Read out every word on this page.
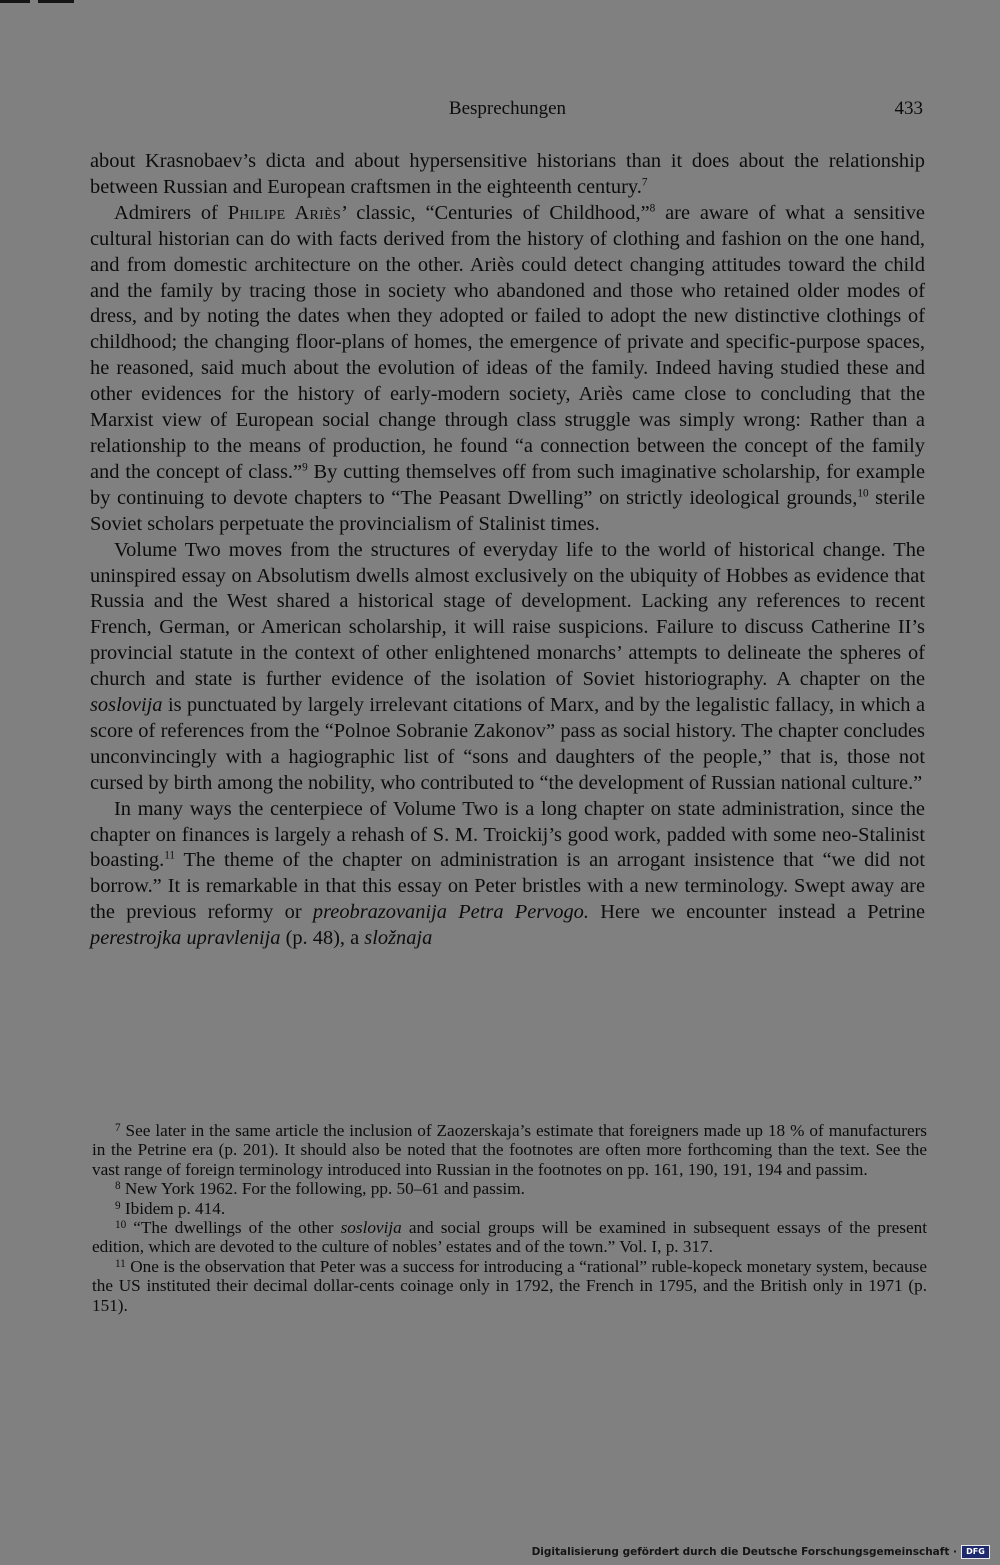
Besprechungen	433

about Krasnobaev’s dicta and about hypersensitive historians than it does about the relationship between Russian and European craftsmen in the eighteenth century.$^7$

Admirers of Philipe Ariès’ classic, “Centuries of Childhood,”$^8$ are aware of what a sensitive cultural historian can do with facts derived from the history of clothing and fashion on the one hand, and from domestic architecture on the other. Ariès could detect changing attitudes toward the child and the family by tracing those in society who abandoned and those who retained older modes of dress, and by noting the dates when they adopted or failed to adopt the new distinctive clothings of childhood; the changing floor-plans of homes, the emergence of private and specific-purpose spaces, he reasoned, said much about the evolution of ideas of the family. Indeed having studied these and other evidences for the history of early-modern society, Ariès came close to concluding that the Marxist view of European social change through class struggle was simply wrong: Rather than a relationship to the means of production, he found “a connection between the concept of the family and the concept of class.”$^9$ By cutting themselves off from such imaginative scholarship, for example by continuing to devote chapters to “The Peasant Dwelling” on strictly ideological grounds,$^{10}$ sterile Soviet scholars perpetuate the provincialism of Stalinist times.

Volume Two moves from the structures of everyday life to the world of historical change. The uninspired essay on Absolutism dwells almost exclusively on the ubiquity of Hobbes as evidence that Russia and the West shared a historical stage of development. Lacking any references to recent French, German, or American scholarship, it will raise suspicions. Failure to discuss Catherine II’s provincial statute in the context of other enlightened monarchs’ attempts to delineate the spheres of church and state is further evidence of the isolation of Soviet historiography. A chapter on the soslovija is punctuated by largely irrelevant citations of Marx, and by the legalistic fallacy, in which a score of references from the “Polnoe Sobranie Zakonov” pass as social history. The chapter concludes unconvincingly with a hagiographic list of “sons and daughters of the people,” that is, those not cursed by birth among the nobility, who contributed to “the development of Russian national culture.”

In many ways the centerpiece of Volume Two is a long chapter on state administration, since the chapter on finances is largely a rehash of S. M. Troickij’s good work, padded with some neo-Stalinist boasting.$^{11}$ The theme of the chapter on administration is an arrogant insistence that “we did not borrow.” It is remarkable in that this essay on Peter bristles with a new terminology. Swept away are the previous reformy or preobrazovanija Petra Pervogo. Here we encounter instead a Petrine perestrojka upravlenija (p. 48), a složnaja

$^7$ See later in the same article the inclusion of Zaozerskaja’s estimate that foreigners made up 18 % of manufacturers in the Petrine era (p. 201). It should also be noted that the footnotes are often more forthcoming than the text. See the vast range of foreign terminology introduced into Russian in the footnotes on pp. 161, 190, 191, 194 and passim.

$^8$ New York 1962. For the following, pp. 50–61 and passim.

$^9$ Ibidem p. 414.

$^{10}$ “The dwellings of the other soslovija and social groups will be examined in subsequent essays of the present edition, which are devoted to the culture of nobles’ estates and of the town.” Vol. I, p. 317.

$^{11}$ One is the observation that Peter was a success for introducing a “rational” ruble-kopeck monetary system, because the US instituted their decimal dollar-cents coinage only in 1792, the French in 1795, and the British only in 1971 (p. 151).

Digitalisierung gefördert durch die Deutsche Forschungsgemeinschaft ·	DFG
